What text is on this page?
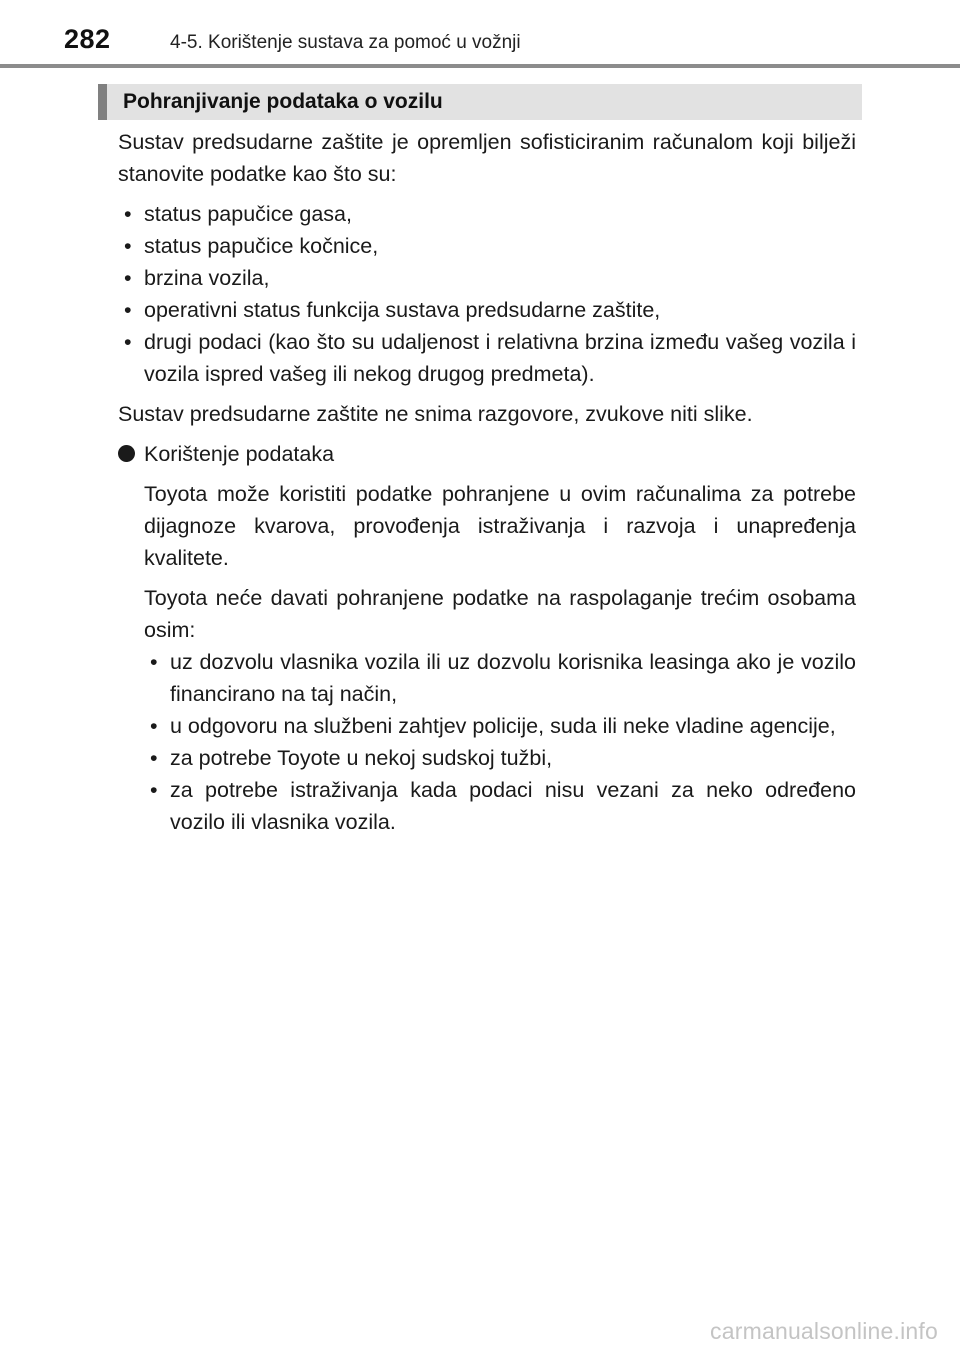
282	4-5. Korištenje sustava za pomoć u vožnji
Pohranjivanje podataka o vozilu

Sustav predsudarne zaštite je opremljen sofisticiranim računalom koji bilježi stanovite podatke kao što su:

• status papučice gasa,
• status papučice kočnice,
• brzina vozila,
• operativni status funkcija sustava predsudarne zaštite,
• drugi podaci (kao što su udaljenost i relativna brzina između vašeg vozila i vozila ispred vašeg ili nekog drugog predmeta).

Sustav predsudarne zaštite ne snima razgovore, zvukove niti slike.

Korištenje podataka

Toyota može koristiti podatke pohranjene u ovim računalima za potrebe dijagnoze kvarova, provođenja istraživanja i razvoja i unapređenja kvalitete.

Toyota neće davati pohranjene podatke na raspolaganje trećim osobama osim:

• uz dozvolu vlasnika vozila ili uz dozvolu korisnika leasinga ako je vozilo financirano na taj način,
• u odgovoru na službeni zahtjev policije, suda ili neke vladine agencije,
• za potrebe Toyote u nekoj sudskoj tužbi,
• za potrebe istraživanja kada podaci nisu vezani za neko određeno vozilo ili vlasnika vozila.
carmanualsonline.info
